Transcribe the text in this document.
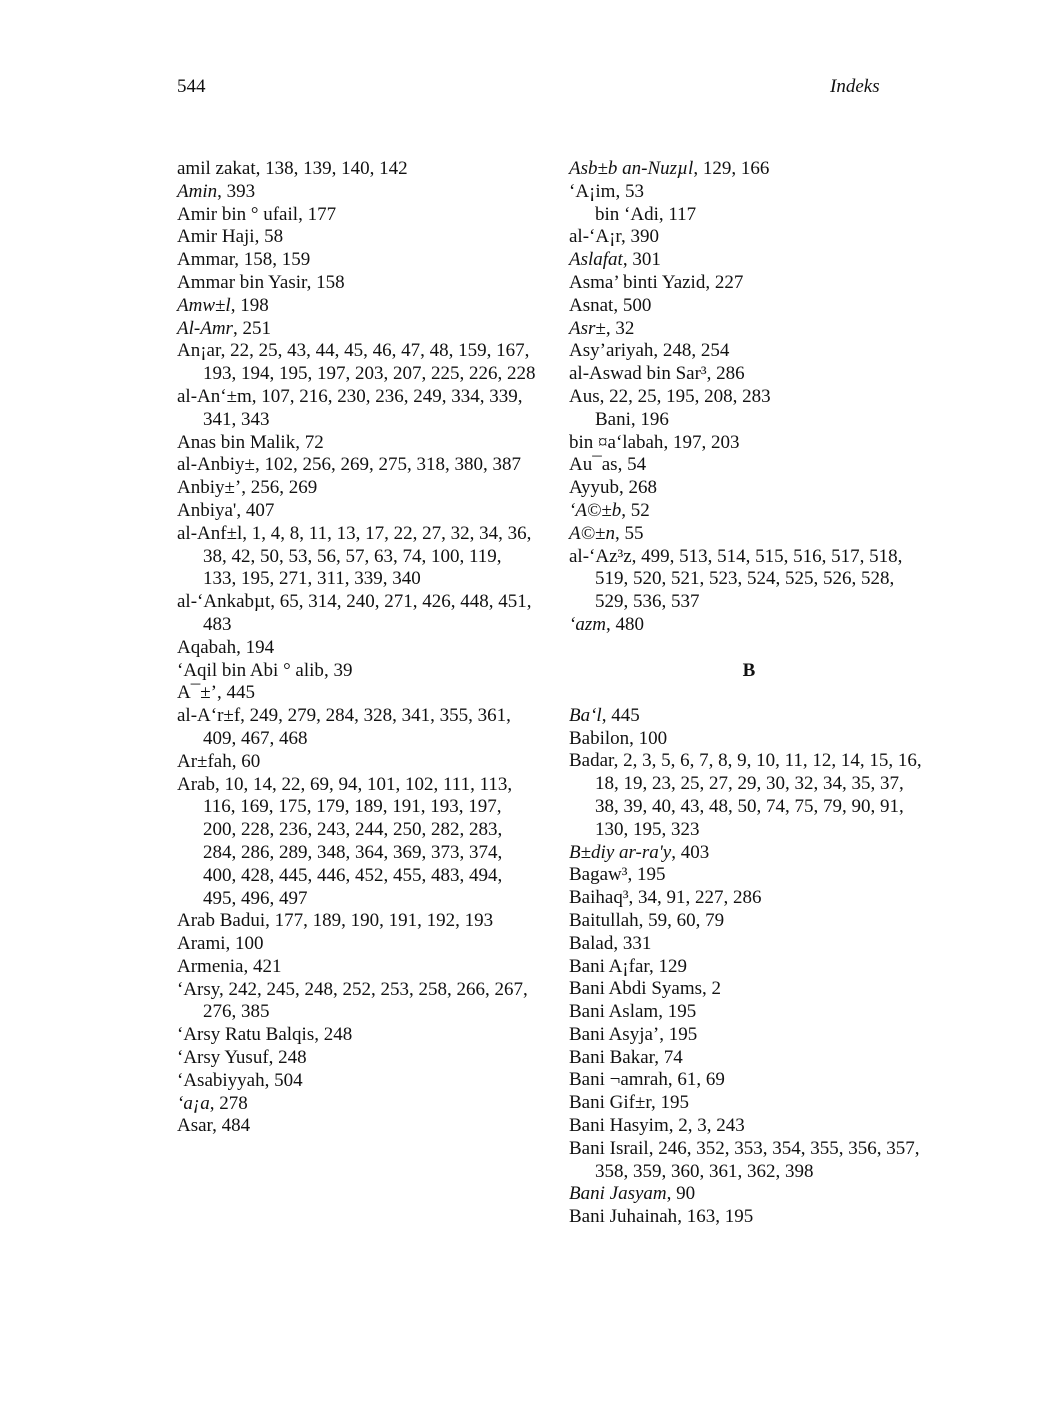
544	Indeks
amil zakat, 138, 139, 140, 142
Amin, 393
Amir bin ° ufail, 177
Amir Haji, 58
Ammar, 158, 159
Ammar bin Yasir, 158
Amw±l, 198
Al-Amr, 251
An¡ar, 22, 25, 43, 44, 45, 46, 47, 48, 159, 167, 193, 194, 195, 197, 203, 207, 225, 226, 228
al-An‘±m, 107, 216, 230, 236, 249, 334, 339, 341, 343
Anas bin Malik, 72
al-Anbiy±, 102, 256, 269, 275, 318, 380, 387
Anbiy±’, 256, 269
Anbiya', 407
al-Anf±l, 1, 4, 8, 11, 13, 17, 22, 27, 32, 34, 36, 38, 42, 50, 53, 56, 57, 63, 74, 100, 119, 133, 195, 271, 311, 339, 340
al-‘Ankabµt, 65, 314, 240, 271, 426, 448, 451, 483
Aqabah, 194
‘Aqil bin Abi ° alib, 39
A¯±’, 445
al-A‘r±f, 249, 279, 284, 328, 341, 355, 361, 409, 467, 468
Ar±fah, 60
Arab, 10, 14, 22, 69, 94, 101, 102, 111, 113, 116, 169, 175, 179, 189, 191, 193, 197, 200, 228, 236, 243, 244, 250, 282, 283, 284, 286, 289, 348, 364, 369, 373, 374, 400, 428, 445, 446, 452, 455, 483, 494, 495, 496, 497
Arab Badui, 177, 189, 190, 191, 192, 193
Arami, 100
Armenia, 421
‘Arsy, 242, 245, 248, 252, 253, 258, 266, 267, 276, 385
‘Arsy Ratu Balqis, 248
‘Arsy Yusuf, 248
‘Asabiyyah, 504
‘a¡a, 278
Asar, 484
Asb±b an-Nuzµl, 129, 166
‘A¡im, 53
bin ‘Adi, 117
al-‘A¡r, 390
Aslafat, 301
Asma’ binti Yazid, 227
Asnat, 500
Asr±, 32
Asy’ariyah, 248, 254
al-Aswad bin Sar³, 286
Aus, 22, 25, 195, 208, 283
Bani, 196
bin ¤a‘labah, 197, 203
Au¯as, 54
Ayyub, 268
‘A©±b, 52
A©±n, 55
al-‘Az³z, 499, 513, 514, 515, 516, 517, 518, 519, 520, 521, 523, 524, 525, 526, 528, 529, 536, 537
‘azm, 480
B
Ba‘l, 445
Babilon, 100
Badar, 2, 3, 5, 6, 7, 8, 9, 10, 11, 12, 14, 15, 16, 18, 19, 23, 25, 27, 29, 30, 32, 34, 35, 37, 38, 39, 40, 43, 48, 50, 74, 75, 79, 90, 91, 130, 195, 323
B±diy ar-ra'y, 403
Bagaw³, 195
Baihaq³, 34, 91, 227, 286
Baitullah, 59, 60, 79
Balad, 331
Bani A¡far, 129
Bani Abdi Syams, 2
Bani Aslam, 195
Bani Asyja’, 195
Bani Bakar, 74
Bani ¬amrah, 61, 69
Bani Gif±r, 195
Bani Hasyim, 2, 3, 243
Bani Israil, 246, 352, 353, 354, 355, 356, 357, 358, 359, 360, 361, 362, 398
Bani Jasyam, 90
Bani Juhainah, 163, 195
